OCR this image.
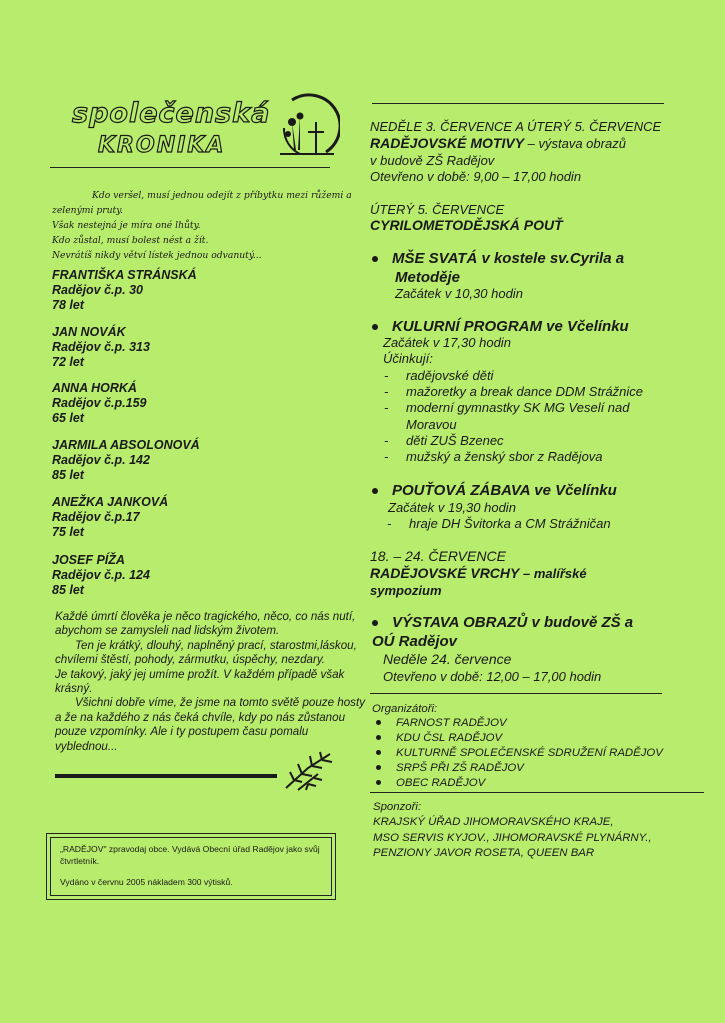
společenská
KRONIKA
Kdo veršel, musí jednou odejít z příbytku mezi růžemi a
zelenými pruty.
Však nestejná je míra oné lhůty.
Kdo zůstal, musí bolest nést a žít.
Nevrátíš nikdy větví lístek jednou odvanutý...
FRANTIŠKA STRÁNSKÁ
Radějov č.p. 30
78 let
JAN NOVÁK
Radějov č.p. 313
72 let
ANNA HORKÁ
Radějov č.p.159
65 let
JARMILA ABSOLONOVÁ
Radějov č.p. 142
85 let
ANEŽKA JANKOVÁ
Radějov č.p.17
75 let
JOSEF PÍŽA
Radějov č.p. 124
85 let

Každé úmrtí člověka je něco tragického, něco, co nás nutí, abychom se zamysleli nad lidským životem.

Ten je krátký, dlouhý, naplněný prací, starostmi,láskou, chvílemi štěstí, pohody, zármutku, úspěchy, nezdary.

Je takový, jaký jej umíme prožít. V každém případě však krásný.

Všichni dobře víme, že jsme na tomto světě pouze hosty a že na každého z nás čeká chvíle, kdy po nás zůstanou pouze vzpomínky. Ale i ty postupem času pomalu vyblednou...

„RADĚJOV" zpravodaj obce. Vydává Obecní úřad Radějov jako svůj čtvrtletník.
Vydáno v červnu 2005 nákladem 300 výtisků.
NEDĚLE 3. ČERVENCE A ÚTERÝ 5. ČERVENCE
RADĚJOVSKÉ MOTIVY – výstava obrazů
v budově ZŠ Radějov
Otevřeno v době: 9,00 – 17,00 hodin
ÚTERÝ 5. ČERVENCE
CYRILOMETODĚJSKÁ POUŤ
MŠE SVATÁ v kostele sv.Cyrila a
Metoděje
Začátek v 10,30 hodin
KULURNÍ PROGRAM ve Včelínku
Začátek v 17,30 hodin
Účinkují:
- radějovské děti
- mažoretky a break dance DDM Strážnice
- moderní gymnastky SK MG Veselí nad
Moravou
- děti ZUŠ Bzenec
- mužský a ženský sbor z Radějova
POUŤOVÁ ZÁBAVA ve Včelínku
Začátek v 19,30 hodin
- hraje DH Švitorka a CM Strážničan
18. – 24. ČERVENCE
RADĚJOVSKÉ VRCHY – malířské
sympozium
VÝSTAVA OBRAZŮ v budově ZŠ a
OÚ Radějov
Neděle 24. července
Otevřeno v době: 12,00 – 17,00 hodin
Organizátoři:
FARNOST RADĚJOV
KDU ČSL RADĚJOV
KULTURNĚ SPOLEČENSKÉ SDRUŽENÍ RADĚJOV
SRPŠ PŘI ZŠ RADĚJOV
OBEC RADĚJOV
Sponzoři:
KRAJSKÝ ÚŘAD JIHOMORAVSKÉHO KRAJE,
MSO SERVIS KYJOV., JIHOMORAVSKÉ PLYNÁRNY.,
PENZIONY JAVOR ROSETA, QUEEN BAR
